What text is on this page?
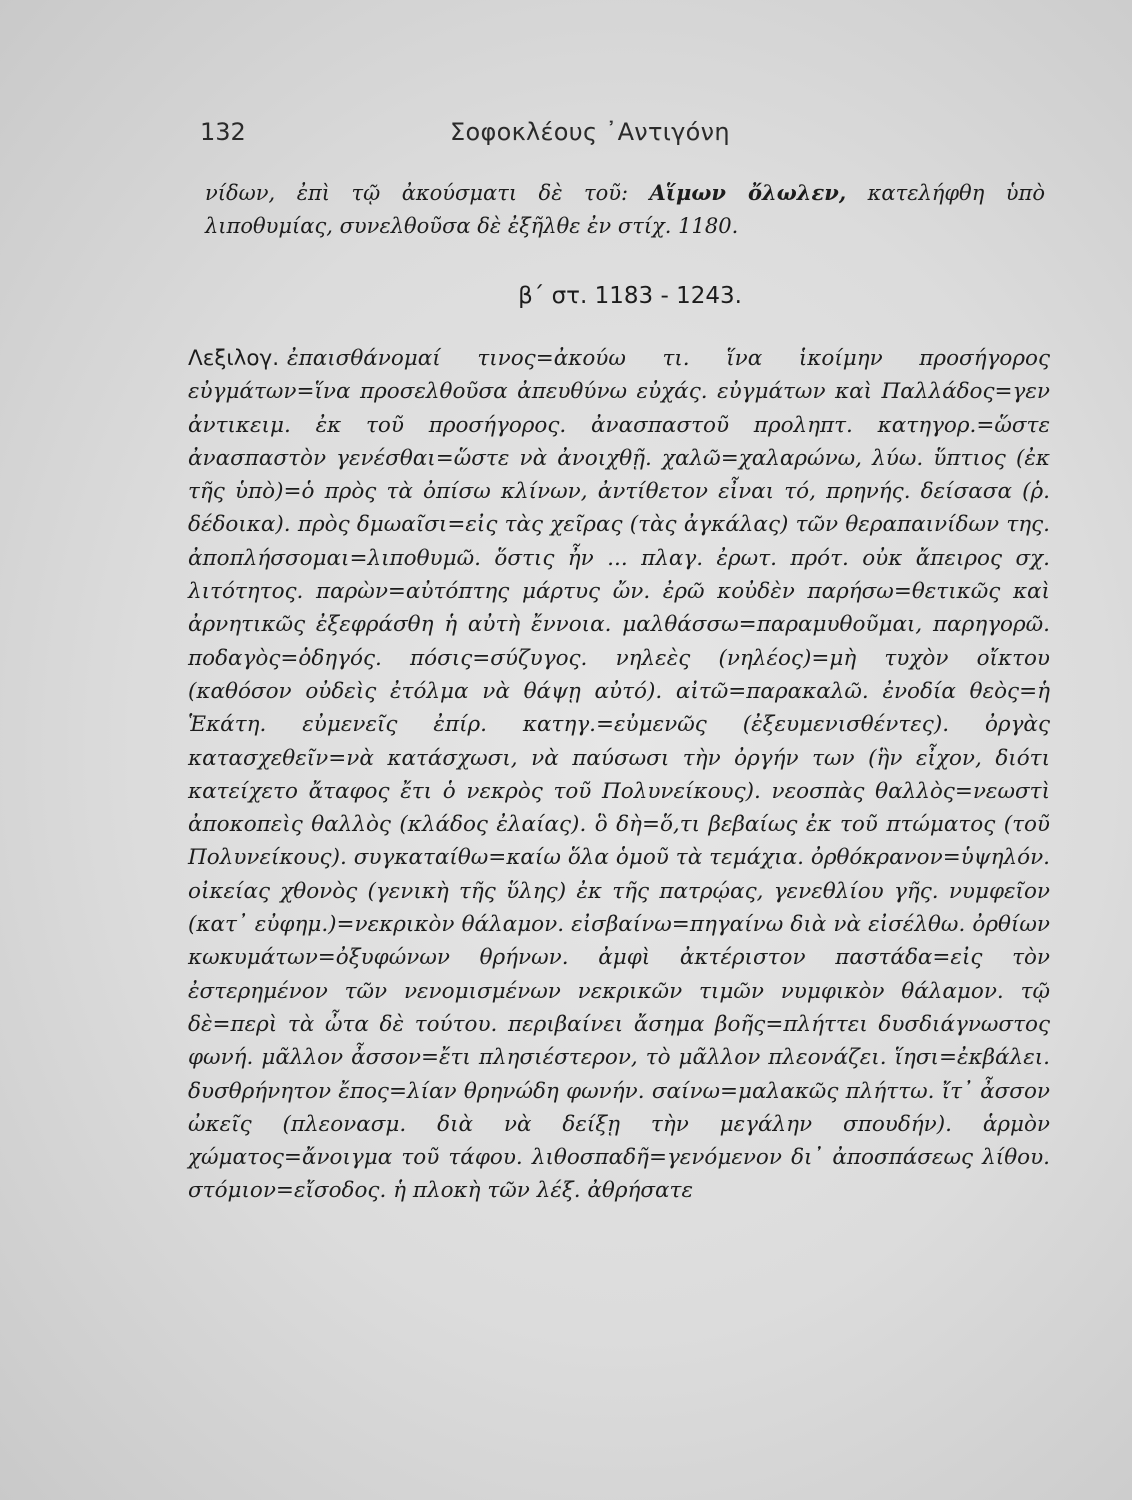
132	Σοφοκλέους ᾿Αντιγόνη
νίδων, ἐπὶ τῷ ἀκούσματι δὲ τοῦ: Αἵμων ὄλωλεν, κατελήφθη ὑπὸ λιποθυμίας, συνελθοῦσα δὲ ἐξῆλθε ἐν στίχ. 1180.
β΄ στ. 1183 - 1243.
Λεξιλογ. ἐπαισθάνομαί τινος=ἀκούω τι. ἵνα ἱκοίμην προσήγορος εὐγμάτων=ἵνα προσελθοῦσα ἀπευθύνω εὐχάς. εὐγμάτων καὶ Παλλάδος=γεν ἀντικειμ. ἐκ τοῦ προσήγορος. ἀνασπαστοῦ προληπτ. κατηγορ.=ὥστε ἀνασπαστὸν γενέσθαι=ὥστε νὰ ἀνοιχθῇ. χαλῶ=χαλαρώνω, λύω. ὕπτιος (ἐκ τῆς ὑπὸ)=ὁ πρὸς τὰ ὀπίσω κλίνων, ἀντίθετον εἶναι τό, πρηνής. δείσασα (ῥ. δέδοικα). πρὸς δμωαῖσι=εἰς τὰς χεῖρας (τὰς ἀγκάλας) τῶν θεραπαινίδων της. ἀποπλήσσομαι=λιποθυμῶ. ὅστις ἦν ... πλαγ. ἐρωτ. πρότ. οὐκ ἄπειρος σχ. λιτότητος. παρὼν=αὐτόπτης μάρτυς ὤν. ἐρῶ κοὐδὲν παρήσω=θετικῶς καὶ ἀρνητικῶς ἐξεφράσθη ἡ αὐτὴ ἔννοια. μαλθάσσω=παραμυθοῦμαι, παρηγορῶ. ποδαγὸς=ὁδηγός. πόσις=σύζυγος. νηλεὲς (νηλέος)=μὴ τυχὸν οἴκτου (καθόσον οὐδεὶς ἐτόλμα νὰ θάψῃ αὐτό). αἰτῶ=παρακαλῶ. ἐνοδία θεὸς=ἡ Ἑκάτη. εὐμενεῖς ἐπίρ. κατηγ.=εὐμενῶς (ἐξευμενισθέντες). ὀργὰς κατασχεθεῖν=νὰ κατάσχωσι, νὰ παύσωσι τὴν ὀργήν των (ἣν εἶχον, διότι κατείχετο ἄταφος ἔτι ὁ νεκρὸς τοῦ Πολυνείκους). νεοσπὰς θαλλὸς=νεωστὶ ἀποκοπεὶς θαλλὸς (κλάδος ἐλαίας). ὃ δὴ=ὅ,τι βεβαίως ἐκ τοῦ πτώματος (τοῦ Πολυνείκους). συγκαταίθω=καίω ὅλα ὁμοῦ τὰ τεμάχια. ὀρθόκρανον=ὑψηλόν. οἰκείας χθονὸς (γενικὴ τῆς ὕλης) ἐκ τῆς πατρῴας, γενεθλίου γῆς. νυμφεῖον (κατ᾿ εὐφημ.)=νεκρικὸν θάλαμον. εἰσβαίνω=πηγαίνω διὰ νὰ εἰσέλθω. ὀρθίων κωκυμάτων=ὀξυφώνων θρήνων. ἀμφὶ ἀκτέριστον παστάδα=εἰς τὸν ἐστερημένον τῶν νενομισμένων νεκρικῶν τιμῶν νυμφικὸν θάλαμον. τῷ δὲ=περὶ τὰ ὦτα δὲ τούτου. περιβαίνει ἄσημα βοῆς=πλήττει δυσδιάγνωστος φωνή. μᾶλλον ἆσσον=ἔτι πλησιέστερον, τὸ μᾶλλον πλεονάζει. ἵησι=ἐκβάλει. δυσθρήνητον ἔπος=λίαν θρηνώδη φωνήν. σαίνω=μαλακῶς πλήττω. ἴτ᾿ ἆσσον ὠκεῖς (πλεονασμ. διὰ νὰ δείξῃ τὴν μεγάλην σπουδήν). ἁρμὸν χώματος=ἄνοιγμα τοῦ τάφου. λιθοσπαδῆ=γενόμενον δι᾿ ἀποσπάσεως λίθου. στόμιον=εἴσοδος. ἡ πλοκὴ τῶν λέξ. ἀθρήσατε
